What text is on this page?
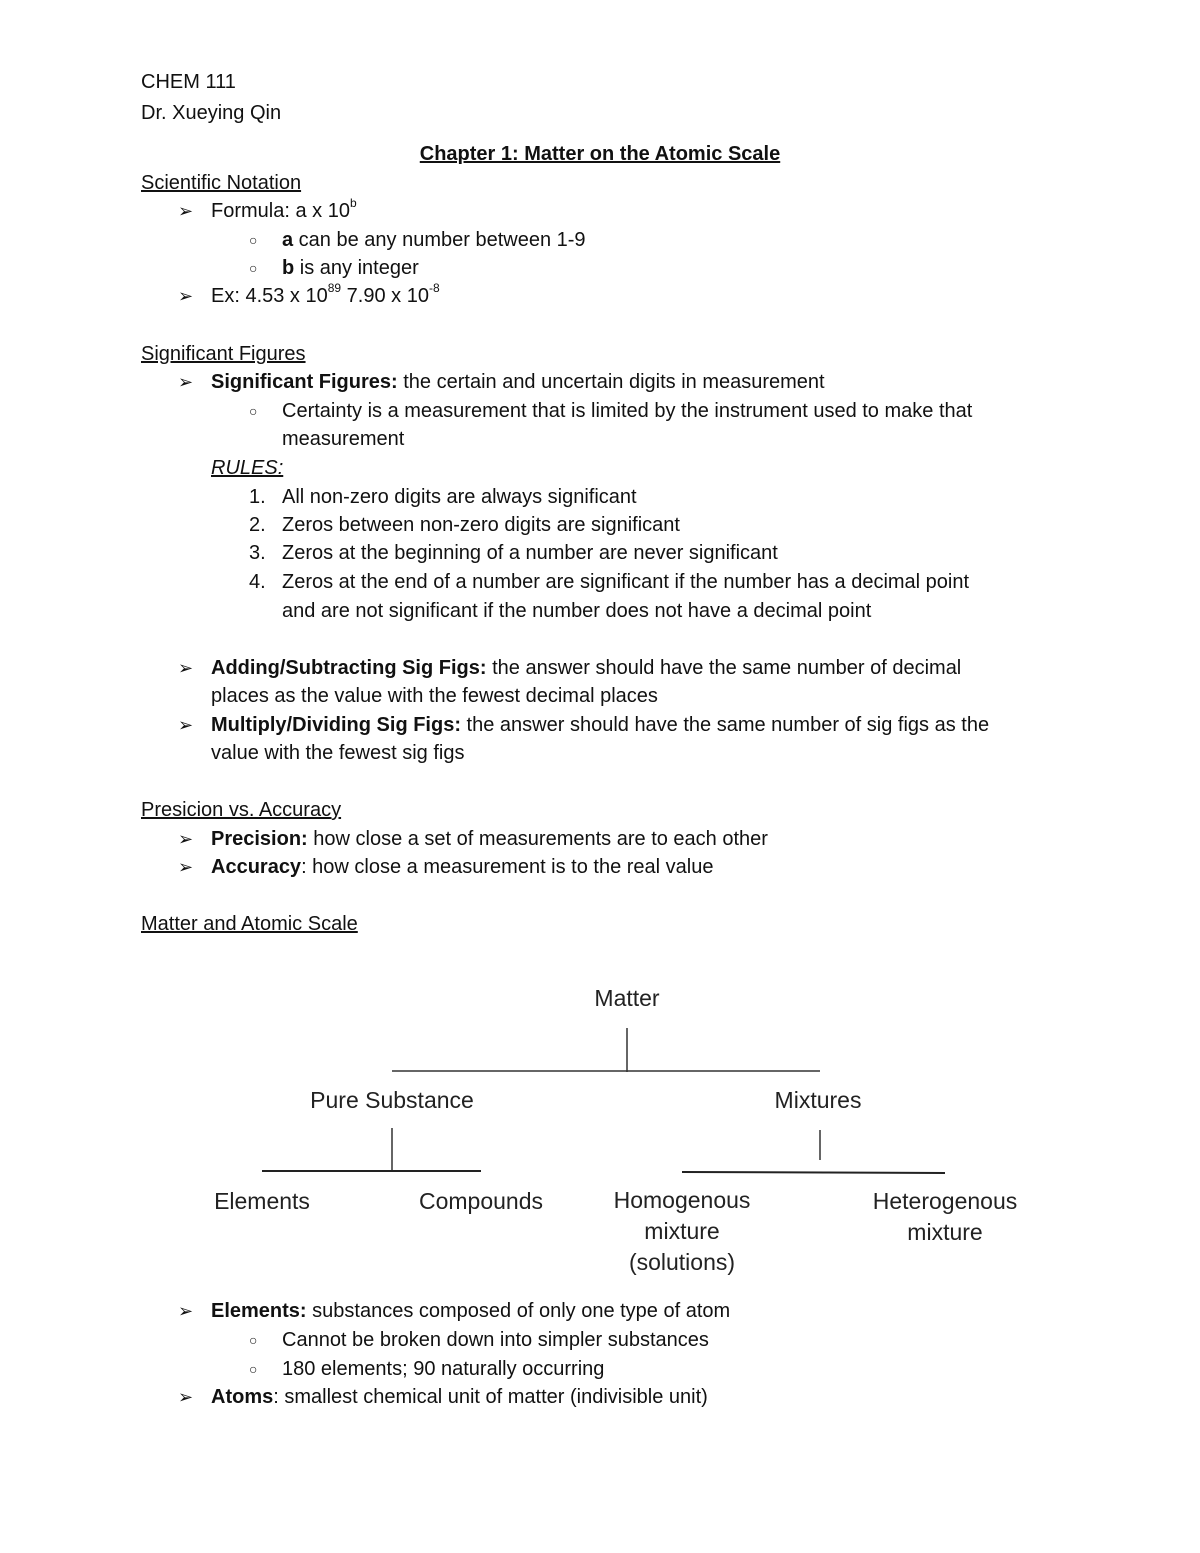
CHEM 111
Dr. Xueying Qin
Chapter 1: Matter on the Atomic Scale
Scientific Notation
➢ Formula: a x 10$^b$
○ a can be any number between 1-9
○ b is any integer
➢ Ex: 4.53 x $10^{89}$ 7.90 x $10^{-8}$
Significant Figures
➢ Significant Figures: the certain and uncertain digits in measurement
○ Certainty is a measurement that is limited by the instrument used to make that
measurement
RULES:
1. All non-zero digits are always significant
2. Zeros between non-zero digits are significant
3. Zeros at the beginning of a number are never significant
4. Zeros at the end of a number are significant if the number has a decimal point
and are not significant if the number does not have a decimal point
➢ Adding/Subtracting Sig Figs: the answer should have the same number of decimal
places as the value with the fewest decimal places
➢ Multiply/Dividing Sig Figs: the answer should have the same number of sig figs as the
value with the fewest sig figs
Presicion vs. Accuracy
➢ Precision: how close a set of measurements are to each other
➢ Accuracy: how close a measurement is to the real value
Matter and Atomic Scale
Matter
Pure Substance	Mixtures
Elements	Compounds	Homogenous
mixture
(solutions)
Heterogenous
mixture
➢ Elements: substances composed of only one type of atom
○ Cannot be broken down into simpler substances
○ 180 elements; 90 naturally occurring
➢ Atoms: smallest chemical unit of matter (indivisible unit)
